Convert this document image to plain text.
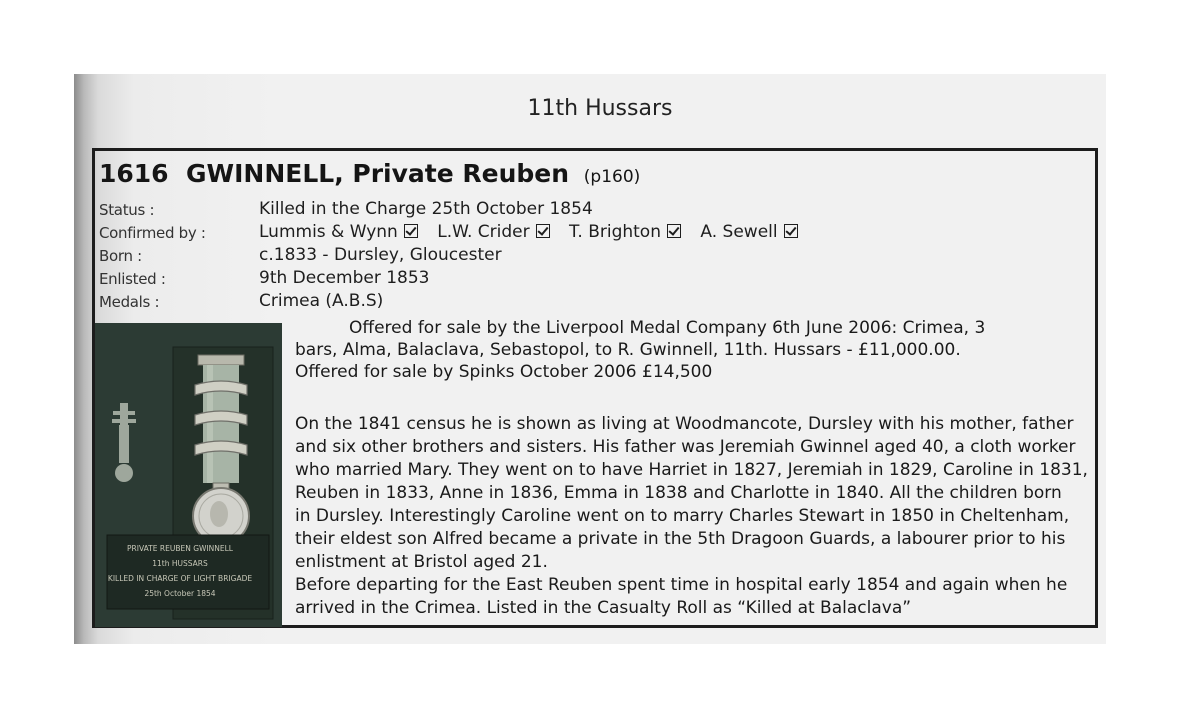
11th Hussars
1616 GWINNELL, Private Reuben (p160)
Status :	Killed in the Charge 25th October 1854
Confirmed by :	Lummis & Wynn L.W. Crider T. Brighton A. Sewell
Born :	c.1833 - Dursley, Gloucester
Enlisted :	9th December 1853
Medals :	Crimea (A.B.S)
PRIVATE REUBEN GWINNELL
11th HUSSARS
KILLED IN CHARGE OF LIGHT BRIGADE
25th October 1854
Offered for sale by the Liverpool Medal Company 6th June 2006: Crimea, 3
bars, Alma, Balaclava, Sebastopol, to R. Gwinnell, 11th. Hussars - £11,000.00.
Offered for sale by Spinks October 2006 £14,500
On the 1841 census he is shown as living at Woodmancote, Dursley with his mother, father
and six other brothers and sisters. His father was Jeremiah Gwinnel aged 40, a cloth worker
who married Mary. They went on to have Harriet in 1827, Jeremiah in 1829, Caroline in 1831,
Reuben in 1833, Anne in 1836, Emma in 1838 and Charlotte in 1840. All the children born
in Dursley. Interestingly Caroline went on to marry Charles Stewart in 1850 in Cheltenham,
their eldest son Alfred became a private in the 5th Dragoon Guards, a labourer prior to his
enlistment at Bristol aged 21.
Before departing for the East Reuben spent time in hospital early 1854 and again when he
arrived in the Crimea. Listed in the Casualty Roll as “Killed at Balaclava”
